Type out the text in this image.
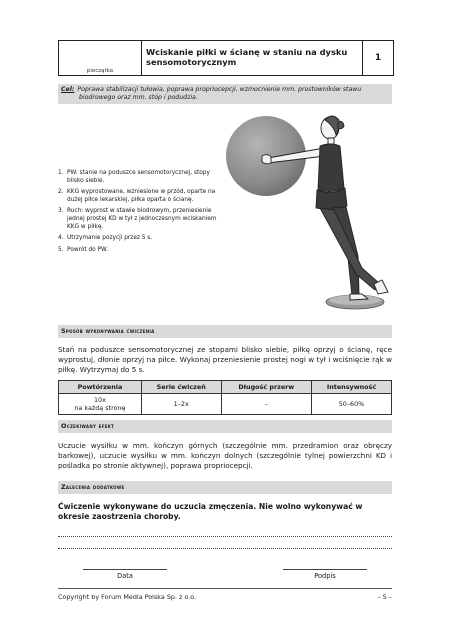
pieczątka
Wciskanie piłki w ścianę w staniu na dysku sensomotorycznym	1
Cel: Poprawa stabilizacji tułowia, poprawa propriocepcji, wzmocnienie mm. prostowników stawu
biodrowego oraz mm. stóp i podudzia.
1. PW: stanie na poduszce sensomotorycznej, stopy blisko siebie.
2. KKG wyprostowane, wzniesione w przód, oparte na dużej piłce lekarskiej, piłka oparta o ścianę.
3. Ruch: wyprost w stawie biodrowym, przeniesienie jednej prostej KD w tył z jednoczesnym wciskaniem KKG w piłkę.
4. Utrzymanie pozycji przez 5 s.
5. Powrót do PW.
Sposób wykonywania ćwiczenia
Stań na poduszce sensomotorycznej ze stopami blisko siebie, piłkę oprzyj o ścianę, ręce wyprostuj, dłonie oprzyj na piłce. Wykonaj przeniesienie prostej nogi w tył i wciśnięcie rąk w piłkę. Wytrzymaj do 5 s.
Powtórzenia	Serie ćwiczeń	Długość przerw	Intensywność

10x
na każdą stronę	1–2x	–	50–60%
Oczekiwany efekt
Uczucie wysiłku w mm. kończyn górnych (szczególnie mm. przedramion oraz obręczy barkowej), uczucie wysiłku w mm. kończyn dolnych (szczególnie tylnej powierzchni KD i pośladka po stronie aktywnej), poprawa propriocepcji.
Zalecenia dodatkowe
Ćwiczenie wykonywane do uczucia zmęczenia. Nie wolno wykonywać w okresie zaostrzenia choroby.
Data	Podpis
Copyright by Forum Media Polska Sp. z o.o.	– 5 –
